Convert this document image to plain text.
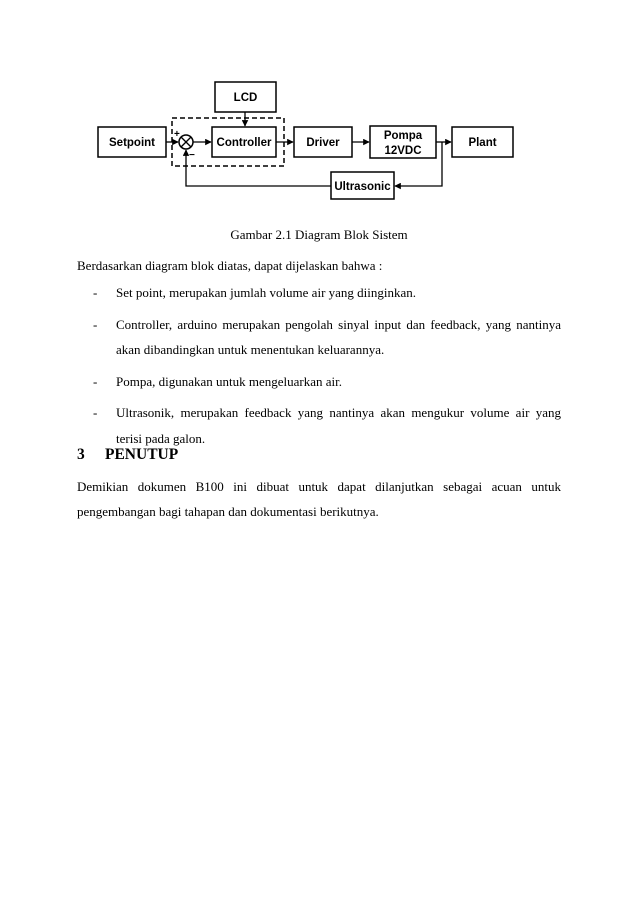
LCD
Setpoint	Controller	Driver
Pompa
12VDC
Plant
Ultrasonic
+
−
Gambar 2.1 Diagram Blok Sistem
Berdasarkan diagram blok diatas, dapat dijelaskan bahwa :
- Set point, merupakan jumlah volume air yang diinginkan.
- Controller, arduino merupakan pengolah sinyal input dan feedback, yang nantinya akan dibandingkan untuk menentukan keluarannya.
- Pompa, digunakan untuk mengeluarkan air.
- Ultrasonik, merupakan feedback yang nantinya akan mengukur volume air yang terisi pada galon.
3 PENUTUP
Demikian dokumen B100 ini dibuat untuk dapat dilanjutkan sebagai acuan untuk pengembangan bagi tahapan dan dokumentasi berikutnya.
